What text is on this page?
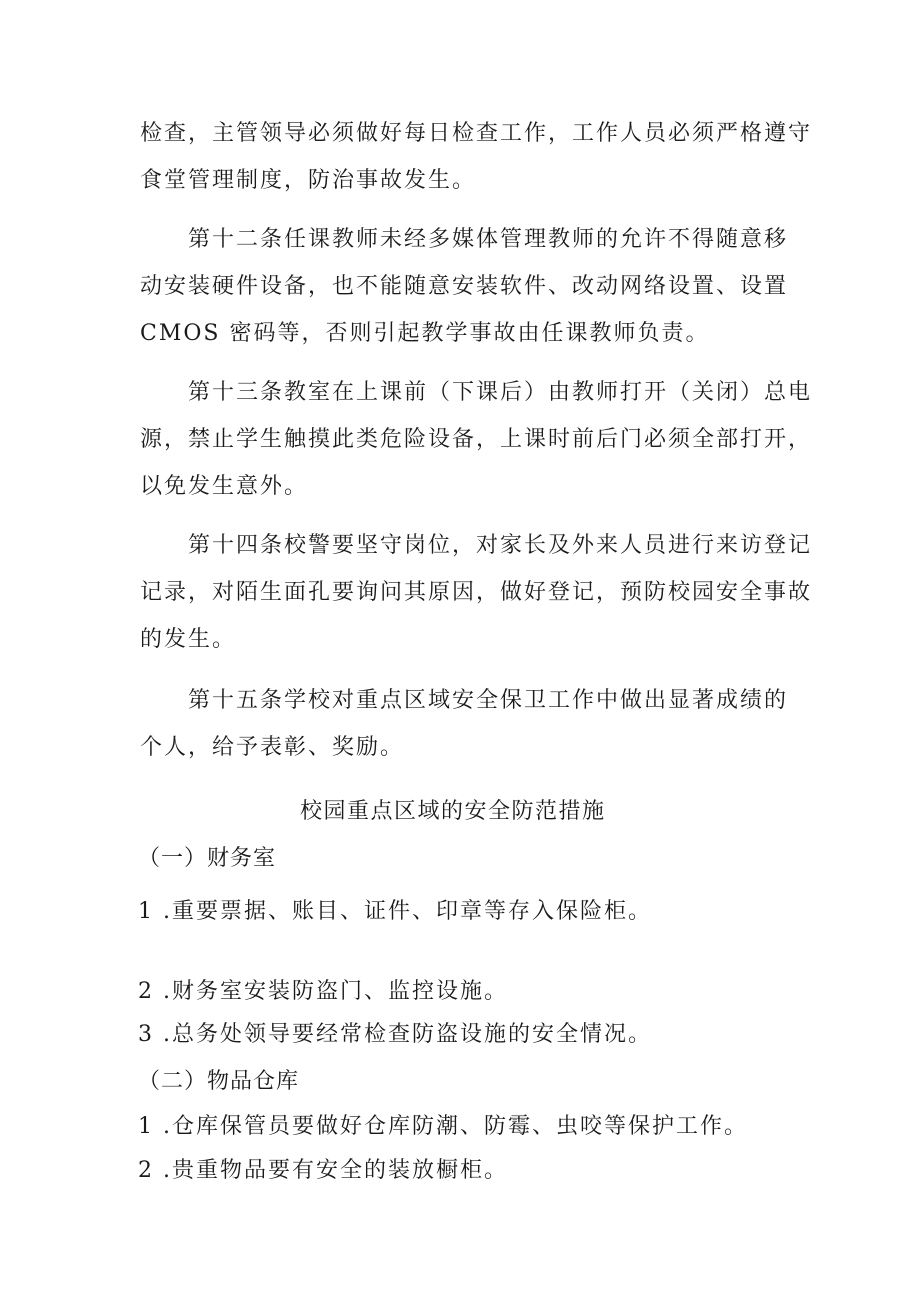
检查，主管领导必须做好每日检查工作，工作人员必须严格遵守
食堂管理制度，防治事故发生。
第十二条任课教师未经多媒体管理教师的允许不得随意移
动安装硬件设备，也不能随意安装软件、改动网络设置、设置
CMOS 密码等，否则引起教学事故由任课教师负责。
第十三条教室在上课前（下课后）由教师打开（关闭）总电
源，禁止学生触摸此类危险设备，上课时前后门必须全部打开，
以免发生意外。
第十四条校警要坚守岗位，对家长及外来人员进行来访登记
记录，对陌生面孔要询问其原因，做好登记，预防校园安全事故
的发生。
第十五条学校对重点区域安全保卫工作中做出显著成绩的
个人，给予表彰、奖励。
校园重点区域的安全防范措施
（一）财务室
1 .重要票据、账目、证件、印章等存入保险柜。
2 .财务室安装防盗门、监控设施。
3 .总务处领导要经常检查防盗设施的安全情况。
（二）物品仓库
1 .仓库保管员要做好仓库防潮、防霉、虫咬等保护工作。
2 .贵重物品要有安全的装放橱柜。
